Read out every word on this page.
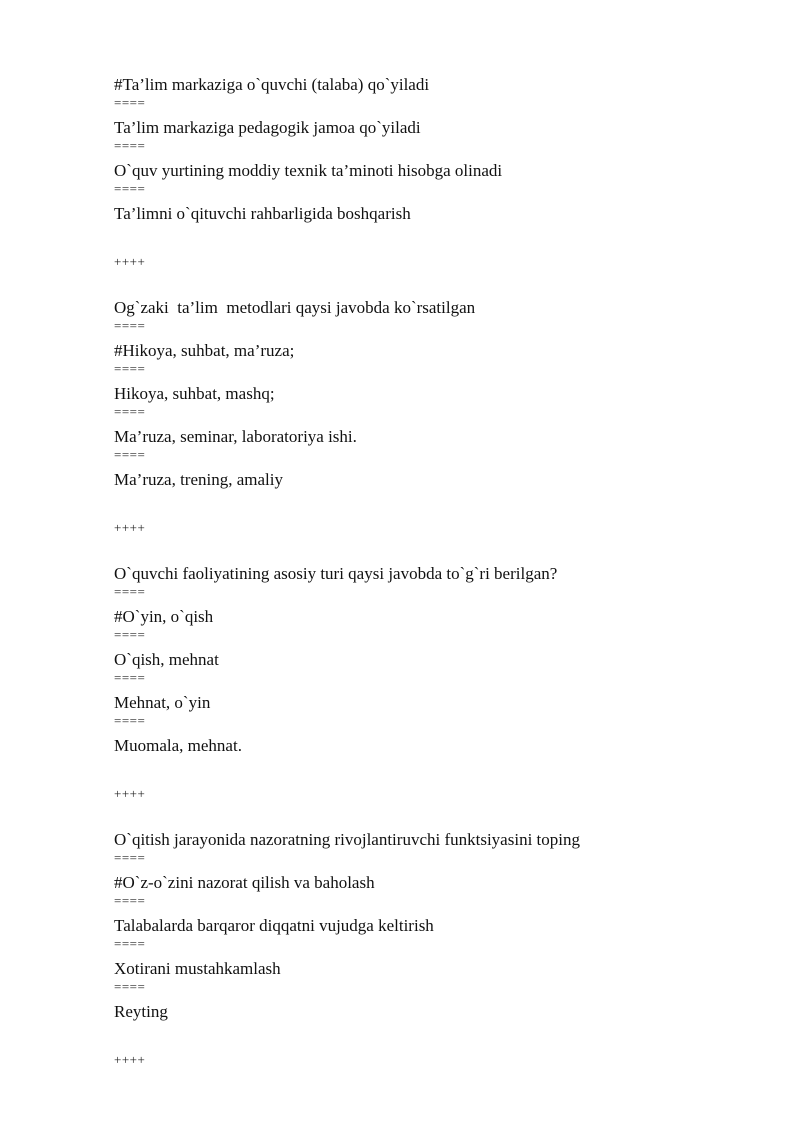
#Ta’lim markaziga o`quvchi (talaba) qo`yiladi
====
Ta’lim markaziga pedagogik jamoa qo`yiladi
====
O`quv yurtining moddiy texnik ta’minoti hisobga olinadi
====
Ta’limni o`qituvchi rahbarligida boshqarish
++++
Og`zaki  ta’lim  metodlari qaysi javobda ko`rsatilgan
====
#Hikoya, suhbat, ma’ruza;
====
Hikoya, suhbat, mashq;
====
Ma’ruza, seminar, laboratoriya ishi.
====
Ma’ruza, trening, amaliy
++++
O`quvchi faoliyatining asosiy turi qaysi javobda to`g`ri berilgan?
====
#O`yin, o`qish
====
O`qish, mehnat
====
Mehnat, o`yin
====
Muomala, mehnat.
++++
O`qitish jarayonida nazoratning rivojlantiruvchi funktsiyasini toping
====
#O`z-o`zini nazorat qilish va baholash
====
Talabalarda barqaror diqqatni vujudga keltirish
====
Xotirani mustahkamlash
====
Reyting
++++
